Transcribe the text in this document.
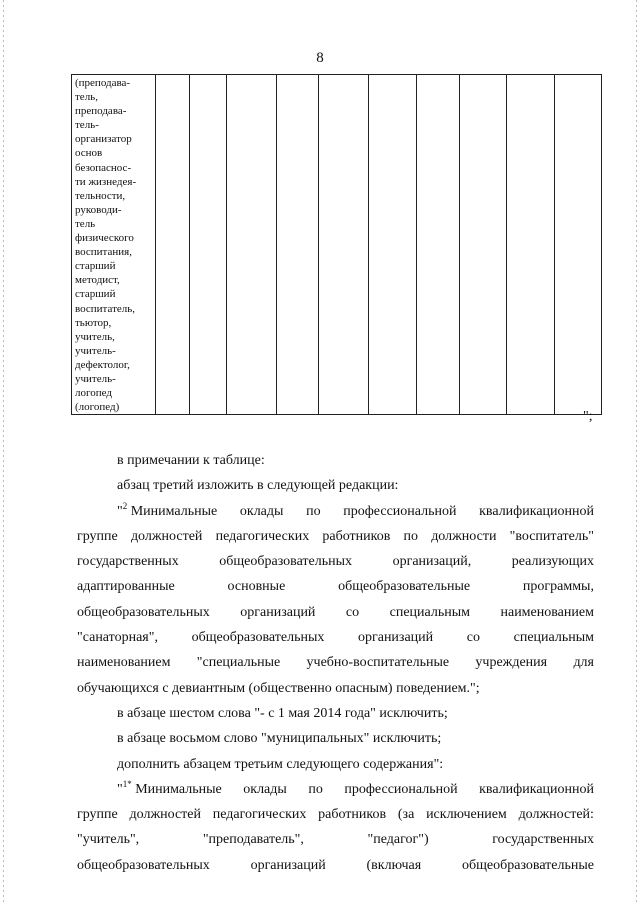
8
(преподава-
тель,
преподава-
тель-
организатор
основ
безопаснос-
ти жизнедея-
тельности,
руководи-
тель
физического
воспитания,
старший
методист,
старший
воспитатель,
тьютор,
учитель,
учитель-
дефектолог,
учитель-
логопед
(логопед)

";
в примечании к таблице:
абзац третий изложить в следующей редакции:
"$^2$ Минимальные оклады по профессиональной квалификационной
группе должностей педагогических работников по должности "воспитатель"
государственных	общеобразовательных	организаций,	реализующих
адаптированные	основные	общеобразовательные	программы,
общеобразовательных организаций со специальным наименованием
"санаторная", общеобразовательных организаций со специальным
наименованием "специальные учебно-воспитательные учреждения для
обучающихся с девиантным (общественно опасным) поведением.";
в абзаце шестом слова "- с 1 мая 2014 года" исключить;
в абзаце восьмом слово "муниципальных" исключить;
дополнить абзацем третьим следующего содержания":
"$^{1*}$ Минимальные оклады по профессиональной квалификационной
группе должностей педагогических работников (за исключением должностей:
"учитель",	"преподаватель",	"педагог")	государственных
общеобразовательных	организаций	(включая	общеобразовательные
